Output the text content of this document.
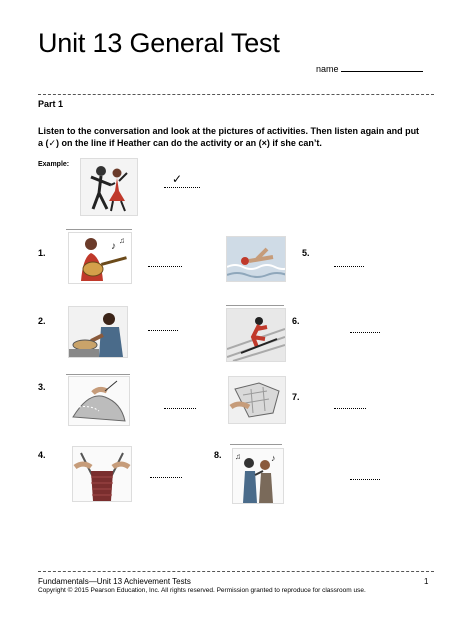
Unit 13 General Test
name
Part 1
Listen to the conversation and look at the pictures of activities. Then listen again and put
a (✓) on the line if Heather can do the activity or an (×) if she can’t.
Example:
✓
1.
♪
♫
5.
2.	6.
3.
7.
4.	8.	♪
♫
Fundamentals—Unit 13 Achievement Tests	1
Copyright © 2015 Pearson Education, Inc. All rights reserved. Permission granted to reproduce for classroom use.
